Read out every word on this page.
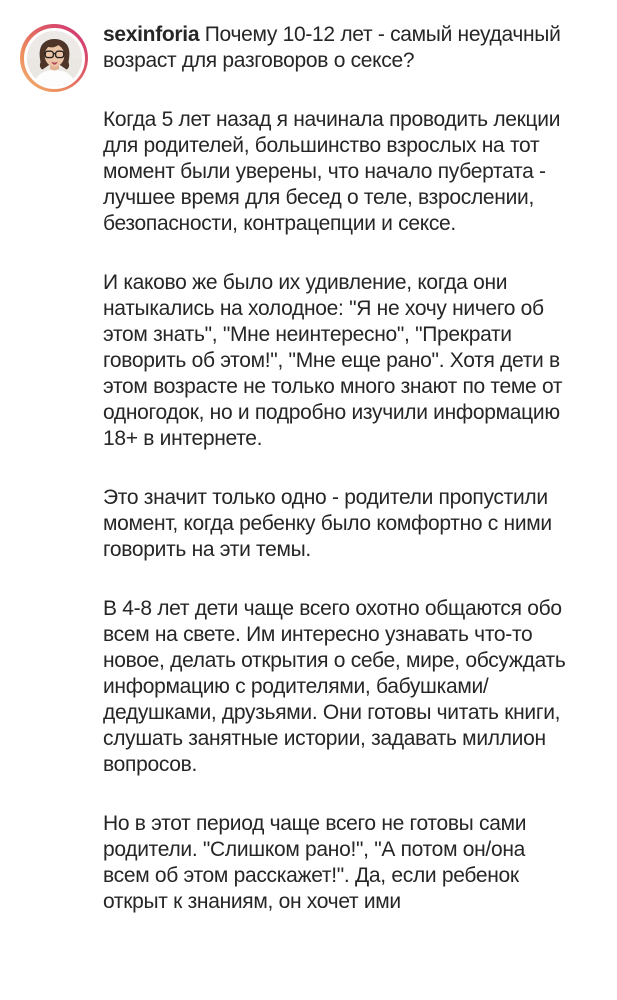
sexinforia Почему 10-12 лет - самый неудачный возраст для разговоров о сексе?

Когда 5 лет назад я начинала проводить лекции для родителей, большинство взрослых на тот момент были уверены, что начало пубертата - лучшее время для бесед о теле, взрослении, безопасности, контрацепции и сексе.

И каково же было их удивление, когда они натыкались на холодное: "Я не хочу ничего об этом знать", "Мне неинтересно", "Прекрати говорить об этом!", "Мне еще рано". Хотя дети в этом возрасте не только много знают по теме от одногодок, но и подробно изучили информацию 18+ в интернете.

Это значит только одно - родители пропустили момент, когда ребенку было комфортно с ними говорить на эти темы.

В 4-8 лет дети чаще всего охотно общаются обо всем на свете. Им интересно узнавать что-то новое, делать открытия о себе, мире, обсуждать информацию с родителями, бабушками/дедушками, друзьями. Они готовы читать книги, слушать занятные истории, задавать миллион вопросов.

Но в этот период чаще всего не готовы сами родители. "Слишком рано!", "А потом он/она всем об этом расскажет!". Да, если ребенок открыт к знаниям, он хочет ими
